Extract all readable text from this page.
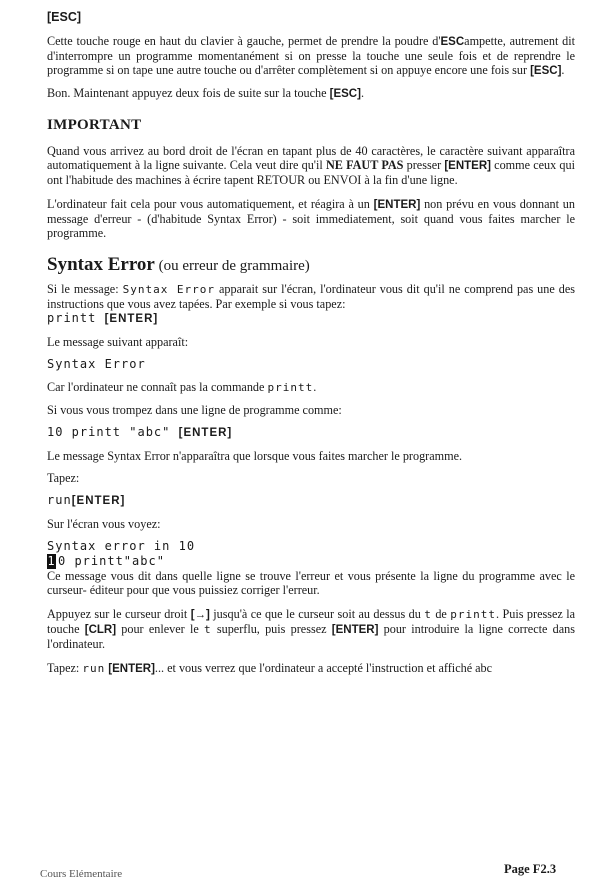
[ESC]

Cette touche rouge en haut du clavier à gauche, permet de prendre la poudre d'ESCampette, autrement dit d'interrompre un programme momentanément si on presse la touche une seule fois et de reprendre le programme si on tape une autre touche ou d'arrêter complètement si on appuye encore une fois sur [ESC].

Bon. Maintenant appuyez deux fois de suite sur la touche [ESC].

IMPORTANT

Quand vous arrivez au bord droit de l'écran en tapant plus de 40 caractères, le caractère suivant apparaîtra automatiquement à la ligne suivante. Cela veut dire qu'il NE FAUT PAS presser [ENTER] comme ceux qui ont l'habitude des machines à écrire tapent RETOUR ou ENVOI à la fin d'une ligne.

L'ordinateur fait cela pour vous automatiquement, et réagira à un [ENTER] non prévu en vous donnant un message d'erreur - (d'habitude Syntax Error) - soit immediatement, soit quand vous faites marcher le programme.

Syntax Error (ou erreur de grammaire)

Si le message: Syntax Error apparait sur l'écran, l'ordinateur vous dit qu'il ne comprend pas une des instructions que vous avez tapées. Par exemple si vous tapez:

printt [ENTER]

Le message suivant apparaît:

Syntax Error

Car l'ordinateur ne connaît pas la commande printt.

Si vous vous trompez dans une ligne de programme comme:

10 printt "abc" [ENTER]

Le message Syntax Error n'apparaîtra que lorsque vous faites marcher le programme.

Tapez:

run[ENTER]

Sur l'écran vous voyez:

Syntax error in 10

1 0 printt"abc"

Ce message vous dit dans quelle ligne se trouve l'erreur et vous présente la ligne du programme avec le curseur- éditeur pour que vous puissiez corriger l'erreur.

Appuyez sur le curseur droit [→] jusqu'à ce que le curseur soit au dessus du t de printt. Puis pressez la touche [CLR] pour enlever le t superflu, puis pressez [ENTER] pour introduire la ligne correcte dans l'ordinateur.

Tapez: run [ENTER]... et vous verrez que l'ordinateur a accepté l'instruction et affiché abc

Cours Elémentaire	Page F2.3
